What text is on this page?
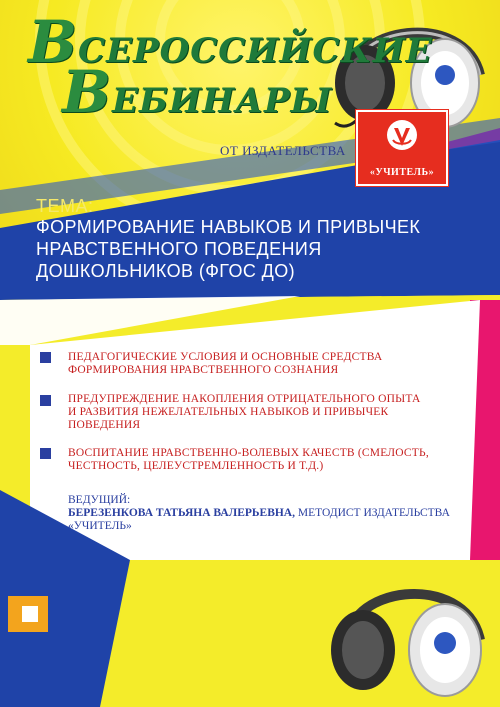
ВСЕРОССИЙСКИЕ
ВЕБИНАРЫ
ОТ ИЗДАТЕЛЬСТВА
«УЧИТЕЛЬ»
ТЕМА:
ФОРМИРОВАНИЕ НАВЫКОВ И ПРИВЫЧЕК
НРАВСТВЕННОГО ПОВЕДЕНИЯ
ДОШКОЛЬНИКОВ (ФГОС ДО)
ПЕДАГОГИЧЕСКИЕ УСЛОВИЯ И ОСНОВНЫЕ СРЕДСТВА
ФОРМИРОВАНИЯ НРАВСТВЕННОГО СОЗНАНИЯ
ПРЕДУПРЕЖДЕНИЕ НАКОПЛЕНИЯ ОТРИЦАТЕЛЬНОГО ОПЫТА
И РАЗВИТИЯ НЕЖЕЛАТЕЛЬНЫХ НАВЫКОВ И ПРИВЫЧЕК
ПОВЕДЕНИЯ
ВОСПИТАНИЕ НРАВСТВЕННО-ВОЛЕВЫХ КАЧЕСТВ (СМЕЛОСТЬ,
ЧЕСТНОСТЬ, ЦЕЛЕУСТРЕМЛЕННОСТЬ И Т.Д.)
ВЕДУЩИЙ:
БЕРЕЗЕНКОВА ТАТЬЯНА ВАЛЕРЬЕВНА, МЕТОДИСТ ИЗДАТЕЛЬСТВА
«УЧИТЕЛЬ»
